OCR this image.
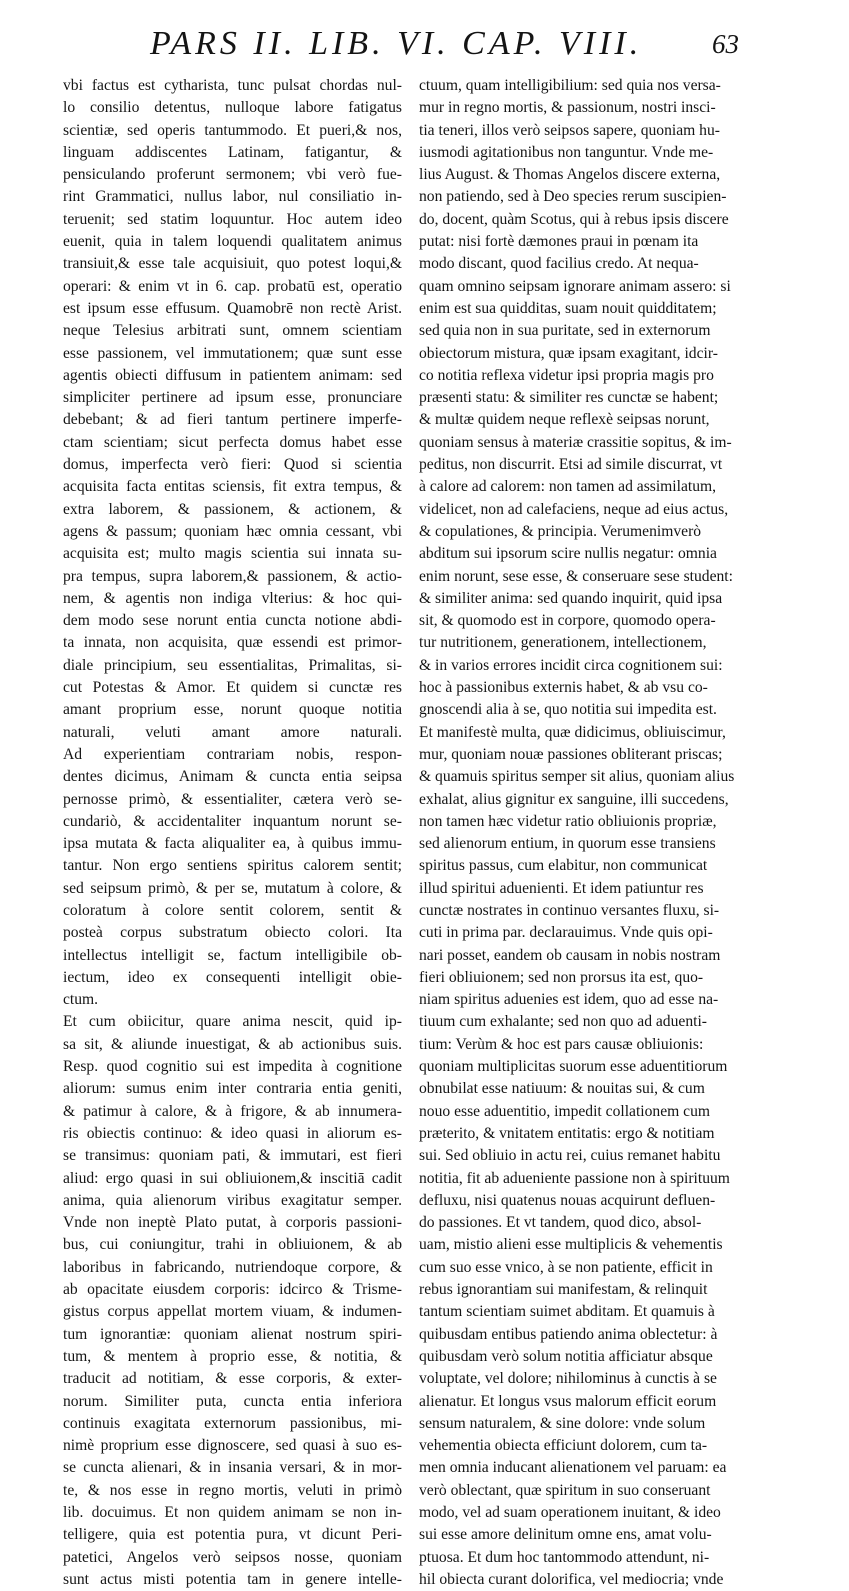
PARS II. LIB. VI. CAP. VIII.	63
vbi factus est cytharista, tunc pulsat chordas nul-
lo consilio detentus, nulloque labore fatigatus
scientiæ, sed operis tantummodo. Et pueri,& nos,
linguam addiscentes Latinam, fatigantur, &
pensiculando proferunt sermonem; vbi verò fue-
rint Grammatici, nullus labor, nul consiliatio in-
teruenit; sed statim loquuntur. Hoc autem ideo
euenit, quia in talem loquendi qualitatem animus
transiuit,& esse tale acquisiuit, quo potest loqui,&
operari: & enim vt in 6. cap. probatū est, operatio
est ipsum esse effusum. Quamobrē non rectè Arist.
neque Telesius arbitrati sunt, omnem scientiam
esse passionem, vel immutationem; quæ sunt esse
agentis obiecti diffusum in patientem animam: sed
simpliciter pertinere ad ipsum esse, pronunciare
debebant; & ad fieri tantum pertinere imperfe-
ctam scientiam; sicut perfecta domus habet esse
domus, imperfecta verò fieri: Quod si scientia
acquisita facta entitas sciensis, fit extra tempus, &
extra laborem, & passionem, & actionem, &
agens & passum; quoniam hæc omnia cessant, vbi
acquisita est; multo magis scientia sui innata su-
pra tempus, supra laborem,& passionem, & actio-
nem, & agentis non indiga vlterius: & hoc qui-
dem modo sese norunt entia cuncta notione abdi-
ta innata, non acquisita, quæ essendi est primor-
diale principium, seu essentialitas, Primalitas, si-
cut Potestas & Amor. Et quidem si cunctæ res
amant proprium esse, norunt quoque notitia
naturali, veluti amant amore naturali.
Ad experientiam contrariam nobis, respon-
dentes dicimus, Animam & cuncta entia seipsa
pernosse primò, & essentialiter, cætera verò se-
cundariò, & accidentaliter inquantum norunt se-
ipsa mutata & facta aliqualiter ea, à quibus immu-
tantur. Non ergo sentiens spiritus calorem sentit;
sed seipsum primò, & per se, mutatum à colore, &
coloratum à colore sentit colorem, sentit &
posteà corpus substratum obiecto colori. Ita
intellectus intelligit se, factum intelligibile ob-
iectum, ideo ex consequenti intelligit obie-
ctum.
Et cum obiicitur, quare anima nescit, quid ip-
sa sit, & aliunde inuestigat, & ab actionibus suis.
Resp. quod cognitio sui est impedita à cognitione
aliorum: sumus enim inter contraria entia geniti,
& patimur à calore, & à frigore, & ab innumera-
ris obiectis continuo: & ideo quasi in aliorum es-
se transimus: quoniam pati, & immutari, est fieri
aliud: ergo quasi in sui obliuionem,& inscitiā cadit
anima, quia alienorum viribus exagitatur semper.
Vnde non ineptè Plato putat, à corporis passioni-
bus, cui coniungitur, trahi in obliuionem, & ab
laboribus in fabricando, nutriendoque corpore, &
ab opacitate eiusdem corporis: idcirco & Trisme-
gistus corpus appellat mortem viuam, & indumen-
tum ignorantiæ: quoniam alienat nostrum spiri-
tum, & mentem à proprio esse, & notitia, &
traducit ad notitiam, & esse corporis, & exter-
norum. Similiter puta, cuncta entia inferiora
continuis exagitata externorum passionibus, mi-
nimè proprium esse dignoscere, sed quasi à suo es-
se cuncta alienari, & in insania versari, & in mor-
te, & nos esse in regno mortis, veluti in primò
lib. docuimus. Et non quidem animam se non in-
telligere, quia est potentia pura, vt dicunt Peri-
patetici, Angelos verò seipsos nosse, quoniam
sunt actus misti potentia tam in genere intelle-
ctuum, quam intelligibilium: sed quia nos versa-
mur in regno mortis, & passionum, nostri insci-
tia teneri, illos verò seipsos sapere, quoniam hu-
iusmodi agitationibus non tanguntur. Vnde me-
lius August. & Thomas Angelos discere externa,
non patiendo, sed à Deo species rerum suscipien-
do, docent, quàm Scotus, qui à rebus ipsis discere
putat: nisi fortè dæmones praui in pœnam ita
modo discant, quod facilius credo. At nequa-
quam omnino seipsam ignorare animam assero: si
enim est sua quidditas, suam nouit quidditatem;
sed quia non in sua puritate, sed in externorum
obiectorum mistura, quæ ipsam exagitant, idcir-
co notitia reflexa videtur ipsi propria magis pro
præsenti statu: & similiter res cunctæ se habent;
& multæ quidem neque reflexè seipsas norunt,
quoniam sensus à materiæ crassitie sopitus, & im-
peditus, non discurrit. Etsi ad simile discurrat, vt
à calore ad calorem: non tamen ad assimilatum,
videlicet, non ad calefaciens, neque ad eius actus,
& copulationes, & principia. Verumenimverò
abditum sui ipsorum scire nullis negatur: omnia
enim norunt, sese esse, & conseruare sese student:
& similiter anima: sed quando inquirit, quid ipsa
sit, & quomodo est in corpore, quomodo opera-
tur nutritionem, generationem, intellectionem,
& in varios errores incidit circa cognitionem sui:
hoc à passionibus externis habet, & ab vsu co-
gnoscendi alia à se, quo notitia sui impedita est.
Et manifestè multa, quæ didicimus, obliuiscimur,
mur, quoniam nouæ passiones obliterant priscas;
& quamuis spiritus semper sit alius, quoniam alius
exhalat, alius gignitur ex sanguine, illi succedens,
non tamen hæc videtur ratio obliuionis propriæ,
sed alienorum entium, in quorum esse transiens
spiritus passus, cum elabitur, non communicat
illud spiritui aduenienti. Et idem patiuntur res
cunctæ nostrates in continuo versantes fluxu, si-
cuti in prima par. declarauimus. Vnde quis opi-
nari posset, eandem ob causam in nobis nostram
fieri obliuionem; sed non prorsus ita est, quo-
niam spiritus aduenies est idem, quo ad esse na-
tiuum cum exhalante; sed non quo ad aduenti-
tium: Verùm & hoc est pars causæ obliuionis:
quoniam multiplicitas suorum esse aduentitiorum
obnubilat esse natiuum: & nouitas sui, & cum
nouo esse aduentitio, impedit collationem cum
præterito, & vnitatem entitatis: ergo & notitiam
sui. Sed obliuio in actu rei, cuius remanet habitu
notitia, fit ab adueniente passione non à spirituum
defluxu, nisi quatenus nouas acquirunt defluen-
do passiones. Et vt tandem, quod dico, absol-
uam, mistio alieni esse multiplicis & vehementis
cum suo esse vnico, à se non patiente, efficit in
rebus ignorantiam sui manifestam, & relinquit
tantum scientiam suimet abditam. Et quamuis à
quibusdam entibus patiendo anima oblectetur: à
quibusdam verò solum notitia afficiatur absque
voluptate, vel dolore; nihilominus à cunctis à se
alienatur. Et longus vsus malorum efficit eorum
sensum naturalem, & sine dolore: vnde solum
vehementia obiecta efficiunt dolorem, cum ta-
men omnia inducant alienationem vel paruam: ea
verò oblectant, quæ spiritum in suo conseruant
modo, vel ad suam operationem inuitant, & ideo
sui esse amore delinitum omne ens, amat volu-
ptuosa. Et dum hoc tantommodo attendunt, ni-
hil obiecta curant dolorifica, vel mediocria; vnde
